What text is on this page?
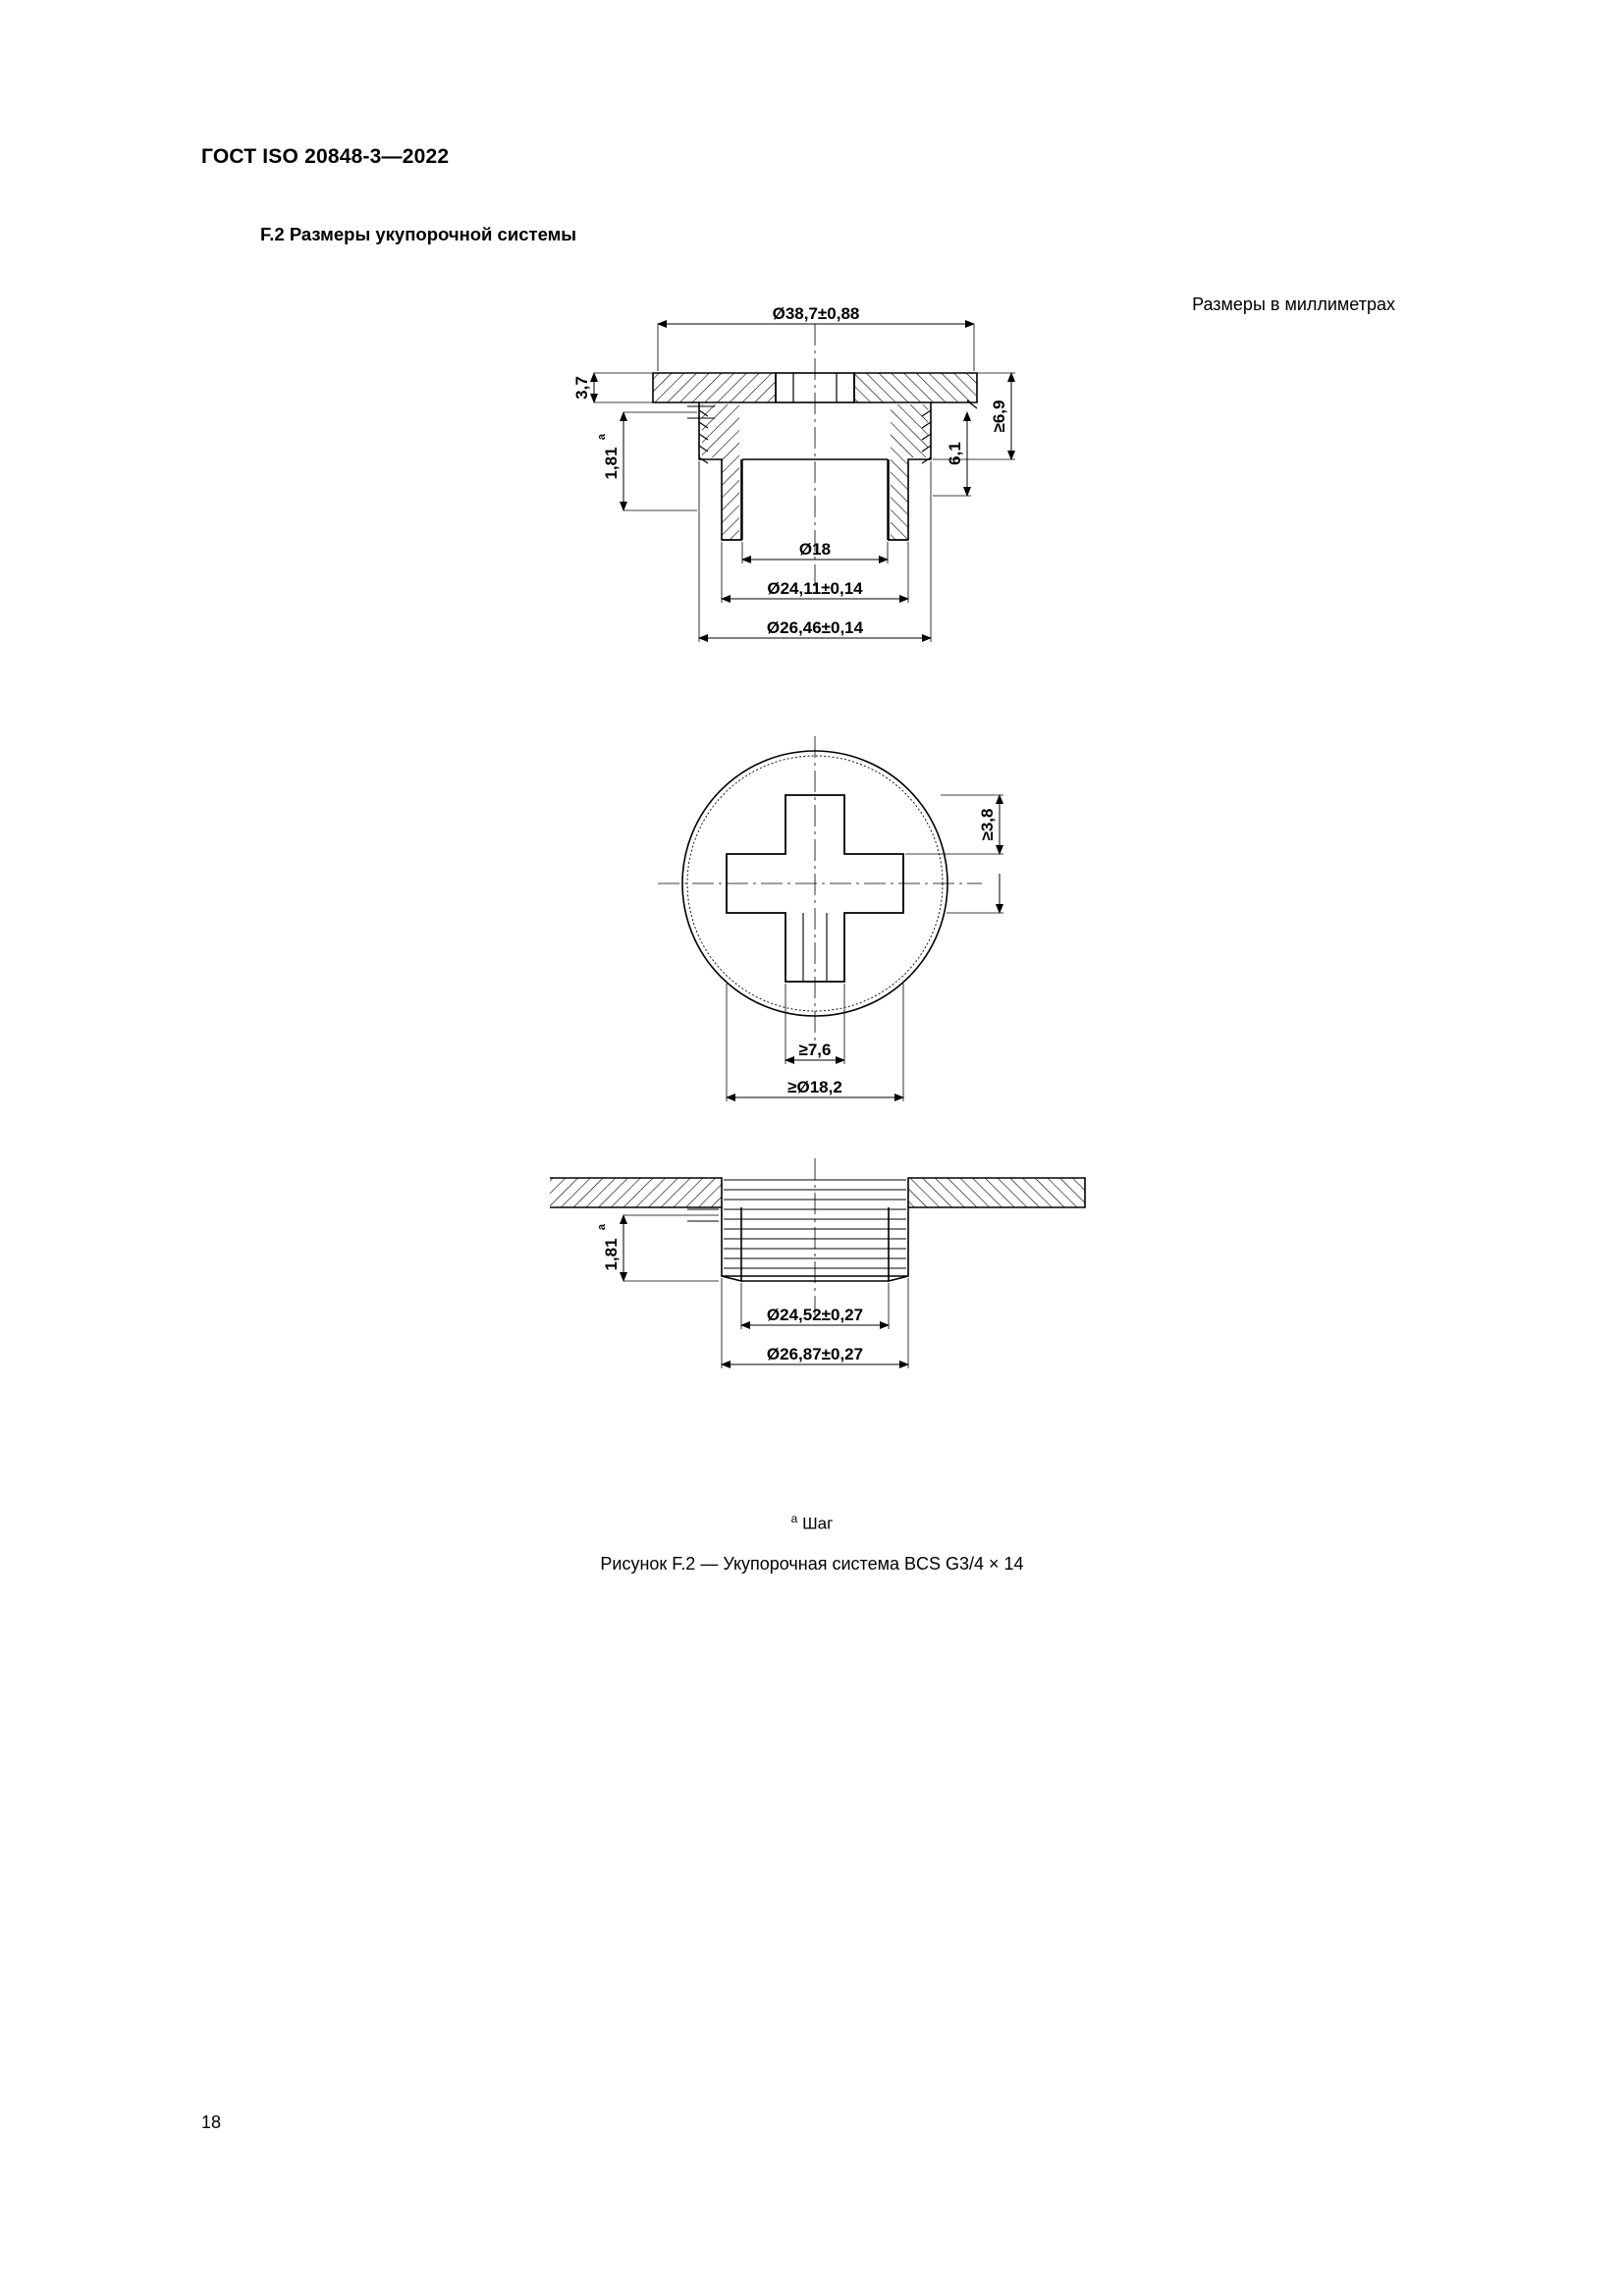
ГОСТ ISO 20848-3—2022
F.2 Размеры укупорочной системы
Размеры в миллиметрах
Ø38,7±0,88
3,7
1,81
a
≥6,9
6,1
Ø18
Ø24,11±0,14
Ø26,46±0,14
≥3,8
≥7,6
≥Ø18,2
1,81
a
Ø24,52±0,27
Ø26,87±0,27
$^a$ Шаг
Рисунок F.2 — Укупорочная система BCS G3/4 × 14
18
